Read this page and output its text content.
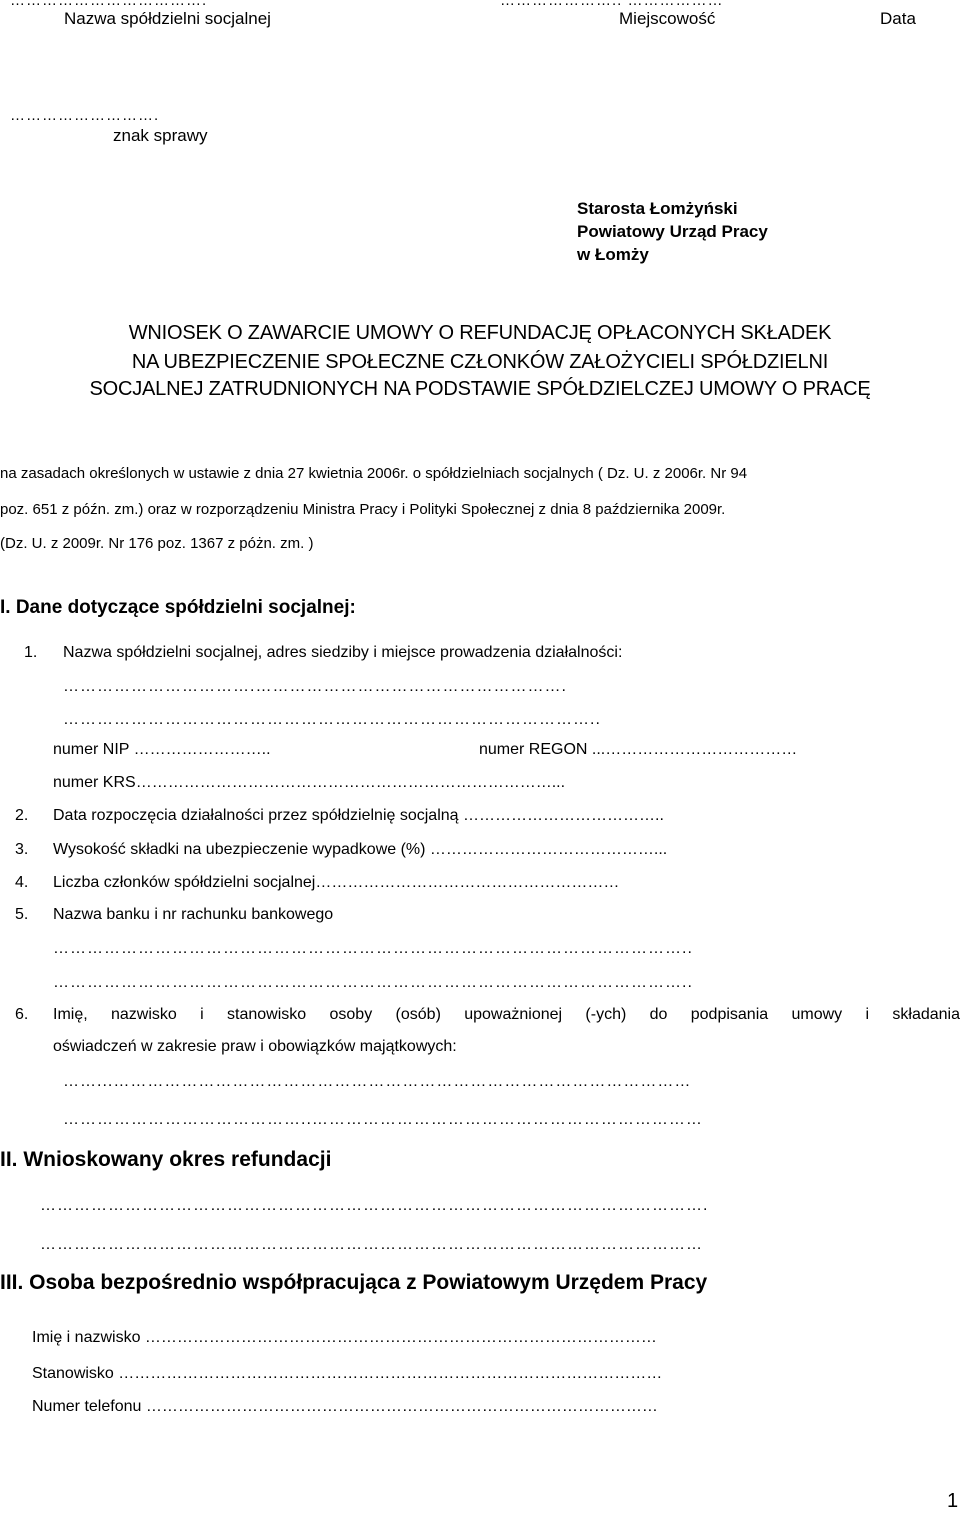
……………………………….	………………….. ………………
Nazwa spółdzielni socjalnej	Miejscowość	Data
……………………….
znak sprawy
Starosta Łomżyński
Powiatowy Urząd Pracy
w Łomży
WNIOSEK O ZAWARCIE UMOWY O REFUNDACJĘ OPŁACONYCH SKŁADEK
NA UBEZPIECZENIE SPOŁECZNE CZŁONKÓW ZAŁOŻYCIELI SPÓŁDZIELNI
SOCJALNEJ ZATRUDNIONYCH NA PODSTAWIE SPÓŁDZIELCZEJ UMOWY O PRACĘ
na zasadach określonych w ustawie z dnia 27 kwietnia 2006r. o spółdzielniach socjalnych ( Dz. U. z 2006r. Nr 94
poz. 651 z późn. zm.) oraz w rozporządzeniu Ministra Pracy i Polityki Społecznej z dnia 8 października 2009r.
(Dz. U. z 2009r. Nr 176 poz. 1367 z póżn. zm. )
I. Dane dotyczące spółdzielni socjalnej:
1. Nazwa spółdzielni socjalnej, adres siedziby i miejsce prowadzenia działalności:
…………………………….……………………………………………….
…………………………………………………………………………………..
numer NIP ……………………..	numer REGON ...………………………………
numer KRS……………………………………………………………………...
2. Data rozpoczęcia działalności przez spółdzielnię socjalną ………………………………..
3. Wysokość składki na ubezpieczenie wypadkowe (%) ……………………………………...
4. Liczba członków spółdzielni socjalnej…………………………………………………
5. Nazwa banku i nr rachunku bankowego
…………………………………………………………………………………………………..
…………………………………………………………………………………………………..
6. Imię, nazwisko i stanowisko osoby (osób) upoważnionej (-ych) do podpisania umowy i składania
oświadczeń w zakresie praw i obowiązków majątkowych:
……...…………………………………………………………………………………………
……………………………………..……………………………………………………………
II. Wnioskowany okres refundacji
……………………………………………………………………………………………………….
………………………………………………………………………………………………………
III. Osoba bezpośrednio współpracująca z Powiatowym Urzędem Pracy
Imię i nazwisko ……………………………………………………………………………………
Stanowisko …………………………………………………………………………………………
Numer telefonu ……………………………………………………………………………………
1
